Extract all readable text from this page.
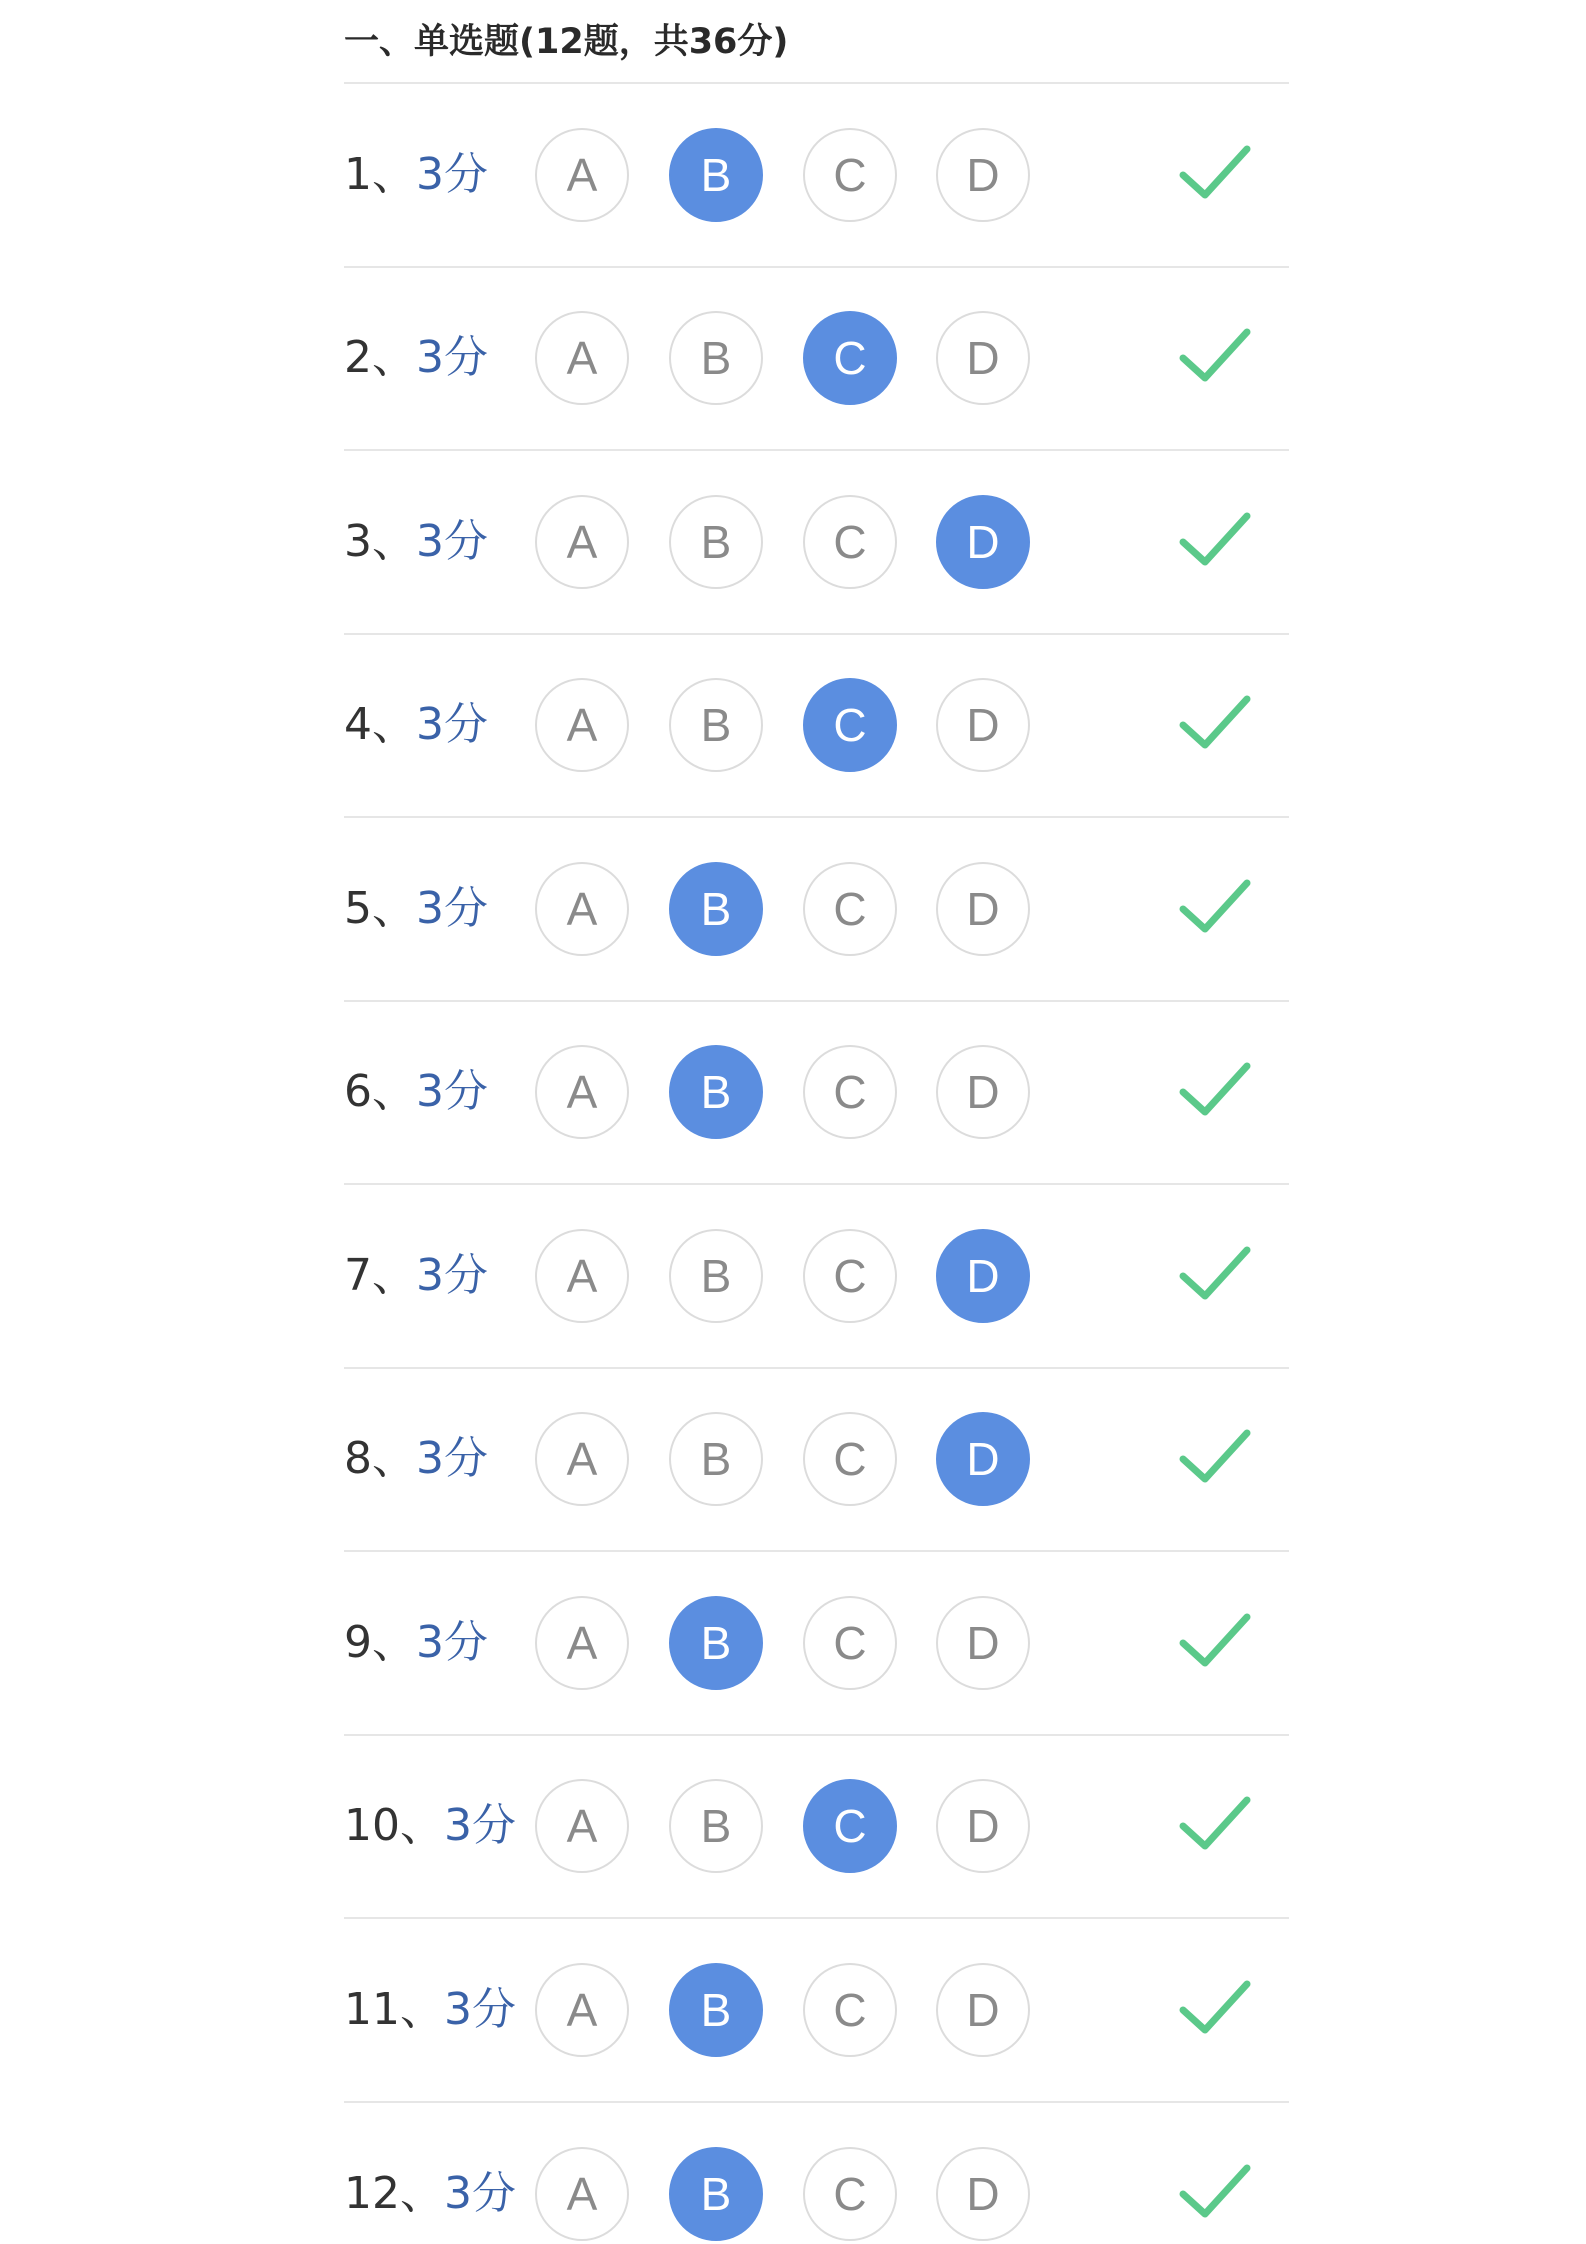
一、单选题(12题，共36分)
1、3分	A	B	C	D
2、3分	A	B	C	D
3、3分	A	B	C	D
4、3分	A	B	C	D
5、3分	A	B	C	D
6、3分	A	B	C	D
7、3分	A	B	C	D
8、3分	A	B	C	D
9、3分	A	B	C	D
10、3分	A	B	C	D
11、3分	A	B	C	D
12、3分	A	B	C	D
